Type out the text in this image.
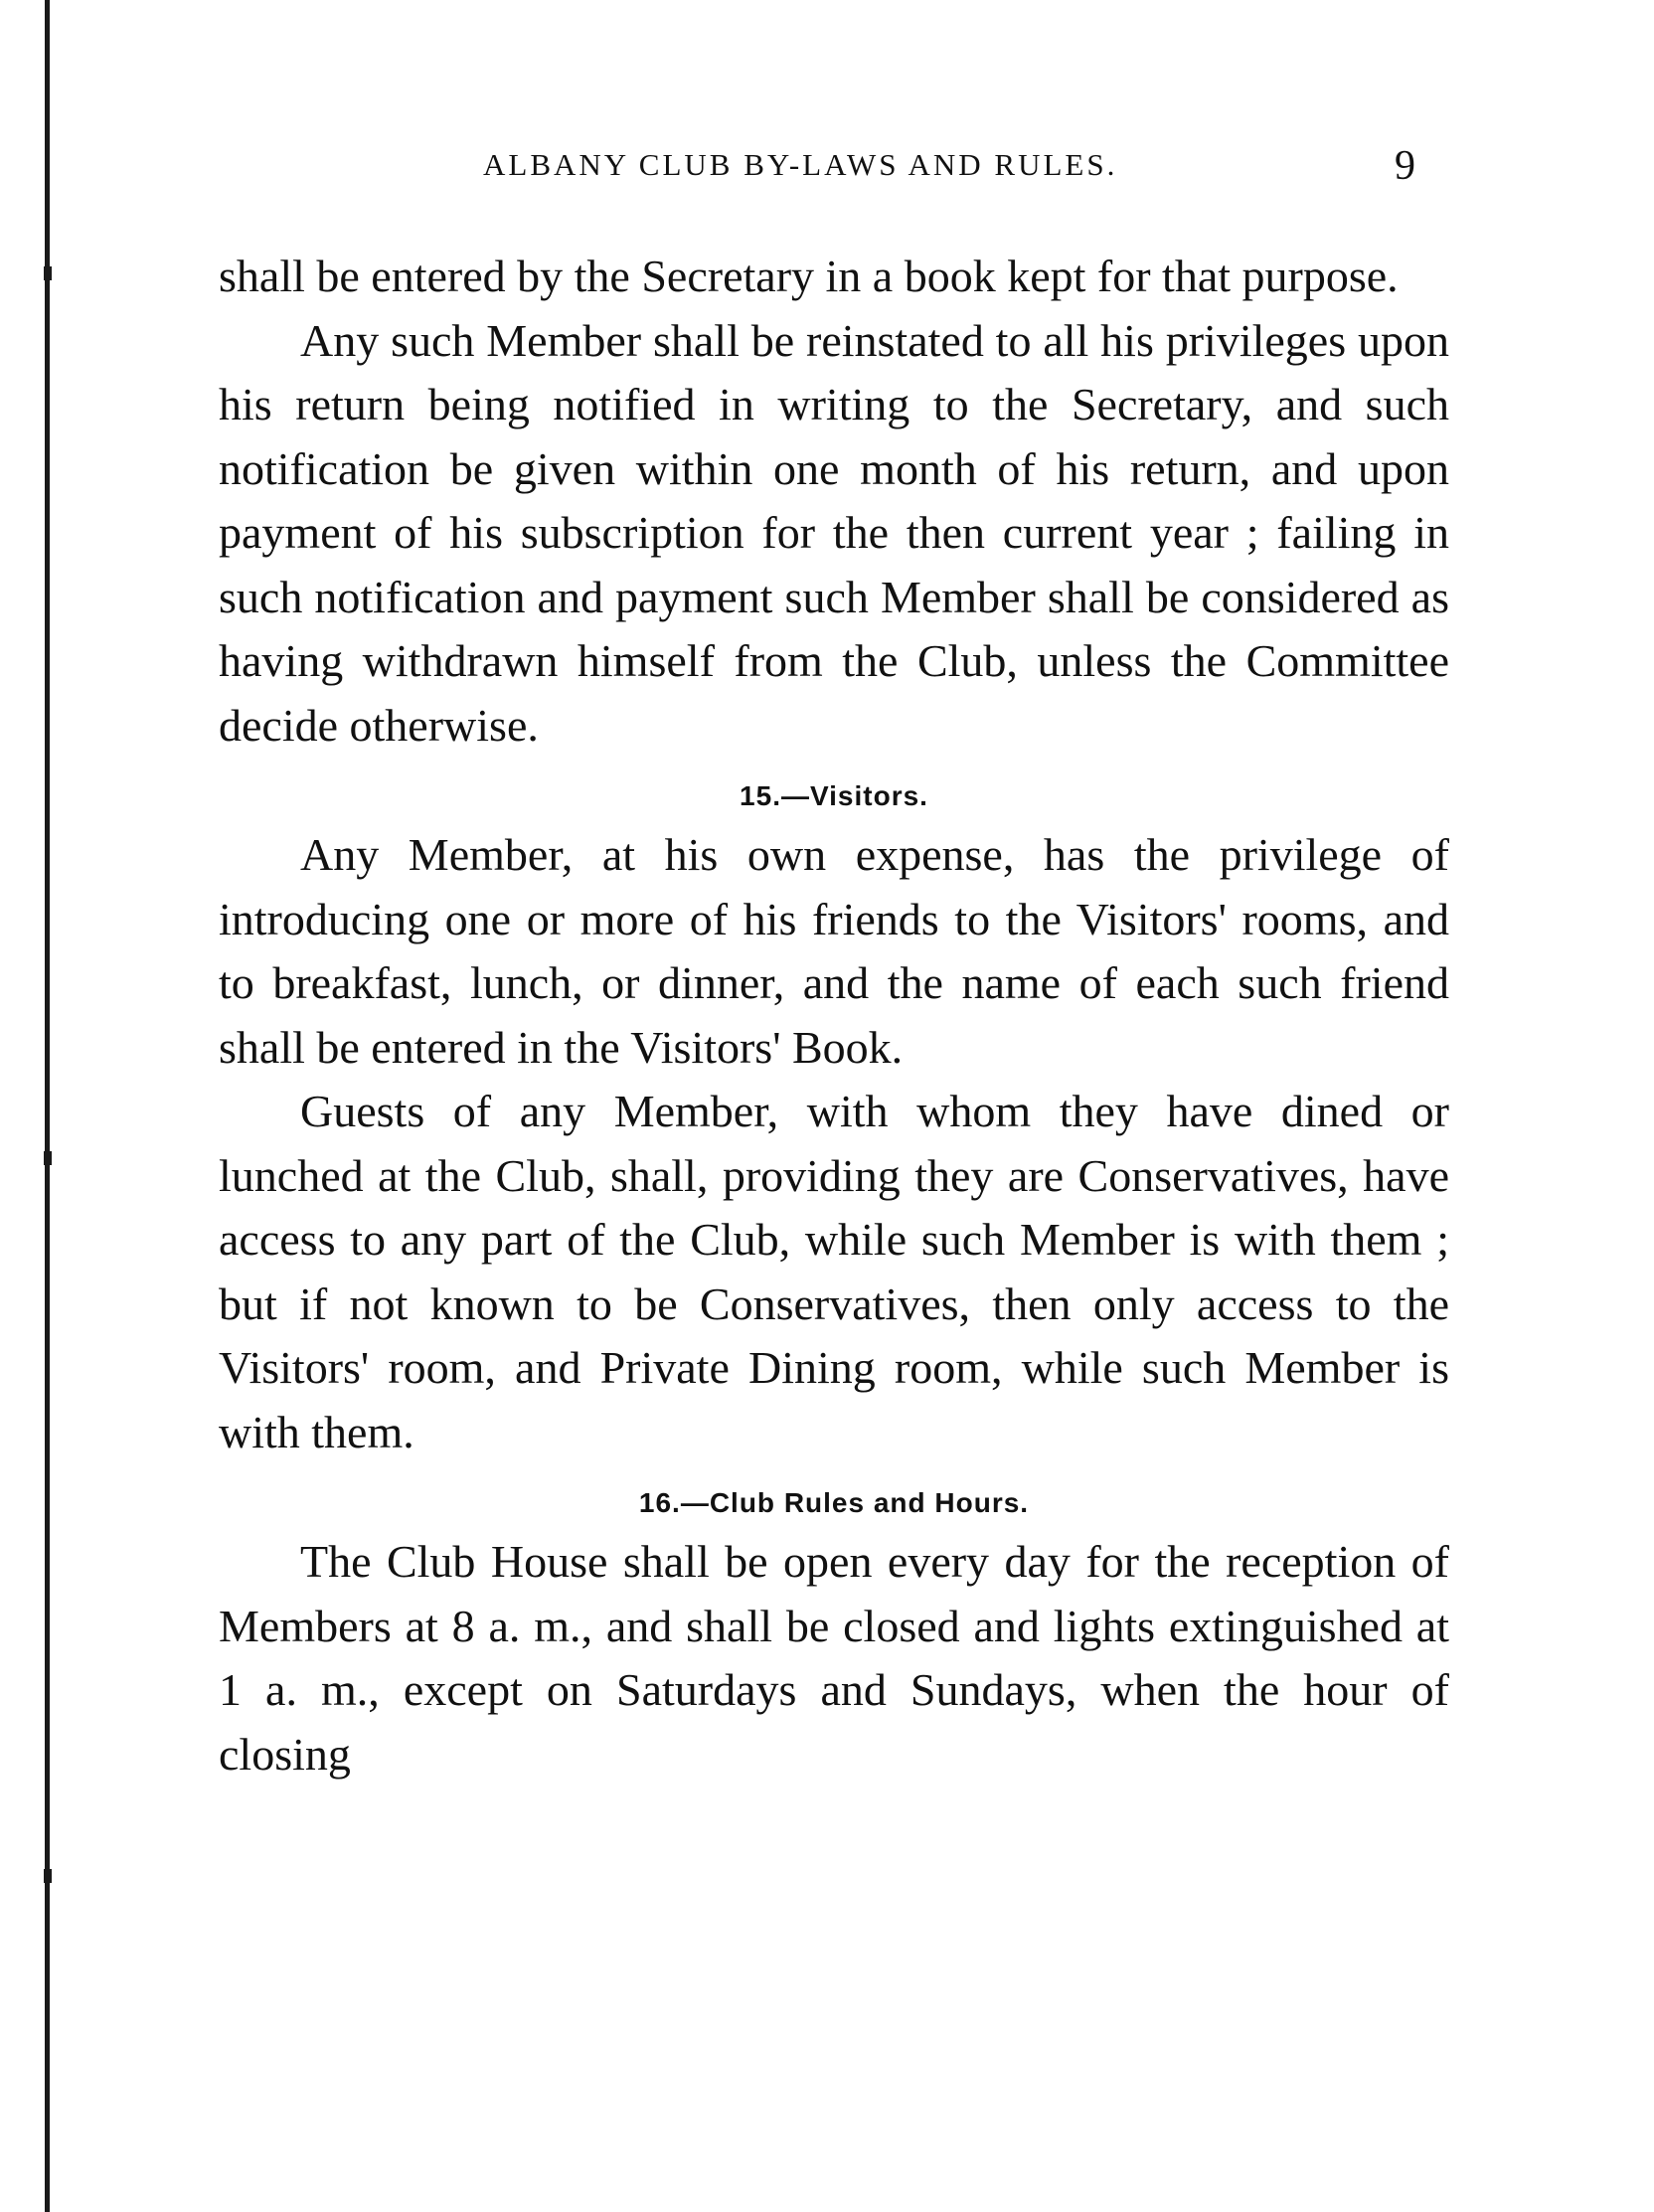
ALBANY CLUB BY-LAWS AND RULES.	9

shall be entered by the Secretary in a book kept for that purpose.

Any such Member shall be reinstated to all his privileges upon his return being notified in writing to the Secretary, and such notification be given within one month of his return, and upon payment of his subscription for the then current year ; failing in such notification and payment such Member shall be considered as having withdrawn himself from the Club, unless the Committee decide otherwise.

15.—Visitors.

Any Member, at his own expense, has the privilege of introducing one or more of his friends to the Visitors' rooms, and to breakfast, lunch, or dinner, and the name of each such friend shall be entered in the Visitors' Book.

Guests of any Member, with whom they have dined or lunched at the Club, shall, providing they are Conservatives, have access to any part of the Club, while such Member is with them ; but if not known to be Conservatives, then only access to the Visitors' room, and Private Dining room, while such Member is with them.

16.—Club Rules and Hours.

The Club House shall be open every day for the reception of Members at 8 a. m., and shall be closed and lights extinguished at 1 a. m., except on Saturdays and Sundays, when the hour of closing
